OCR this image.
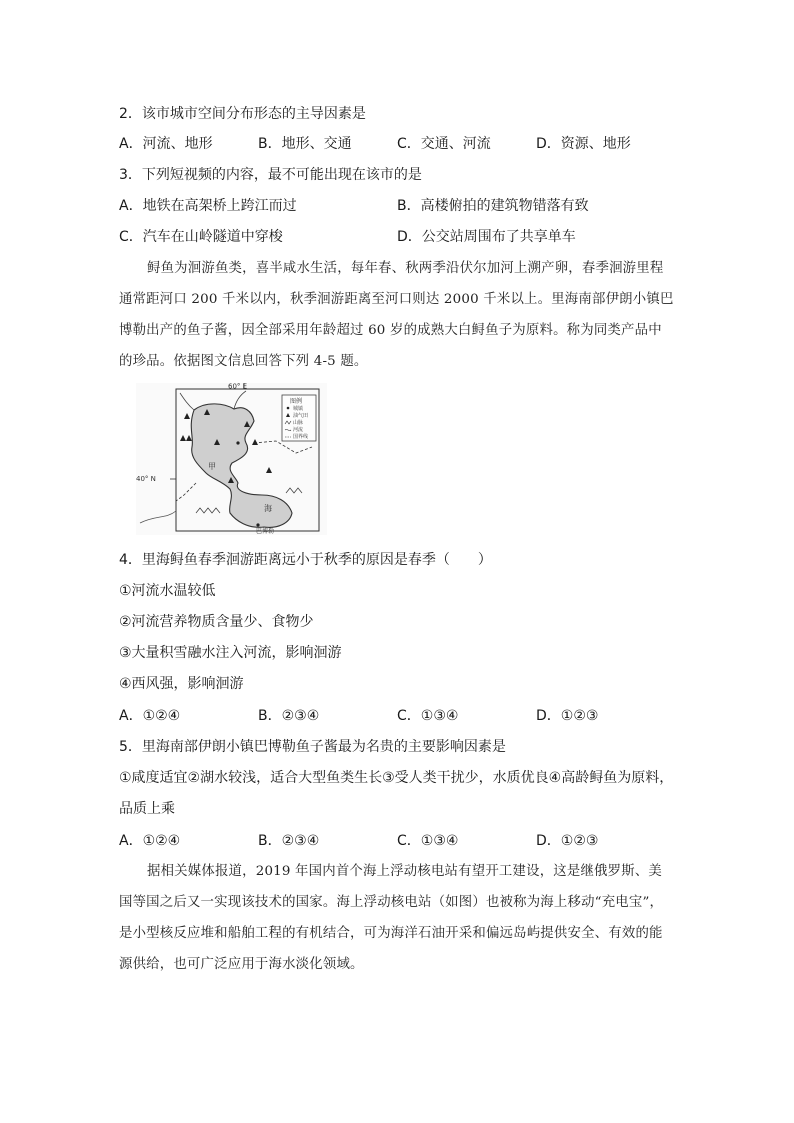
2．该市城市空间分布形态的主导因素是
A．河流、地形	B．地形、交通	C．交通、河流	D．资源、地形
3．下列短视频的内容，最不可能出现在该市的是
A．地铁在高架桥上跨江而过	B．高楼俯拍的建筑物错落有致
C．汽车在山岭隧道中穿梭	D．公交站周围布了共享单车
鲟鱼为洄游鱼类，喜半咸水生活，每年春、秋两季沿伏尔加河上溯产卵，春季洄游里程
通常距河口 200 千米以内，秋季洄游距离至河口则达 2000 千米以上。里海南部伊朗小镇巴
博勒出产的鱼子酱，因全部采用年龄超过 60 岁的成熟大白鲟鱼子为原料。称为同类产品中
的珍品。依据图文信息回答下列 4-5 题。
60° E
40° N
甲
海
巴博勒
图例
城镇
油气田
山脉
河流
国界线
4．里海鲟鱼春季洄游距离远小于秋季的原因是春季（　　）
①河流水温较低
②河流营养物质含量少、食物少
③大量积雪融水注入河流，影响洄游
④西风强，影响洄游
A．①②④	B．②③④	C．①③④	D．①②③
5．里海南部伊朗小镇巴博勒鱼子酱最为名贵的主要影响因素是
①咸度适宜②湖水较浅，适合大型鱼类生长③受人类干扰少，水质优良④高龄鲟鱼为原料，
品质上乘
A．①②④	B．②③④	C．①③④	D．①②③
据相关媒体报道，2019 年国内首个海上浮动核电站有望开工建设，这是继俄罗斯、美
国等国之后又一实现该技术的国家。海上浮动核电站（如图）也被称为海上移动“充电宝”，
是小型核反应堆和船舶工程的有机结合，可为海洋石油开采和偏远岛屿提供安全、有效的能
源供给，也可广泛应用于海水淡化领域。
